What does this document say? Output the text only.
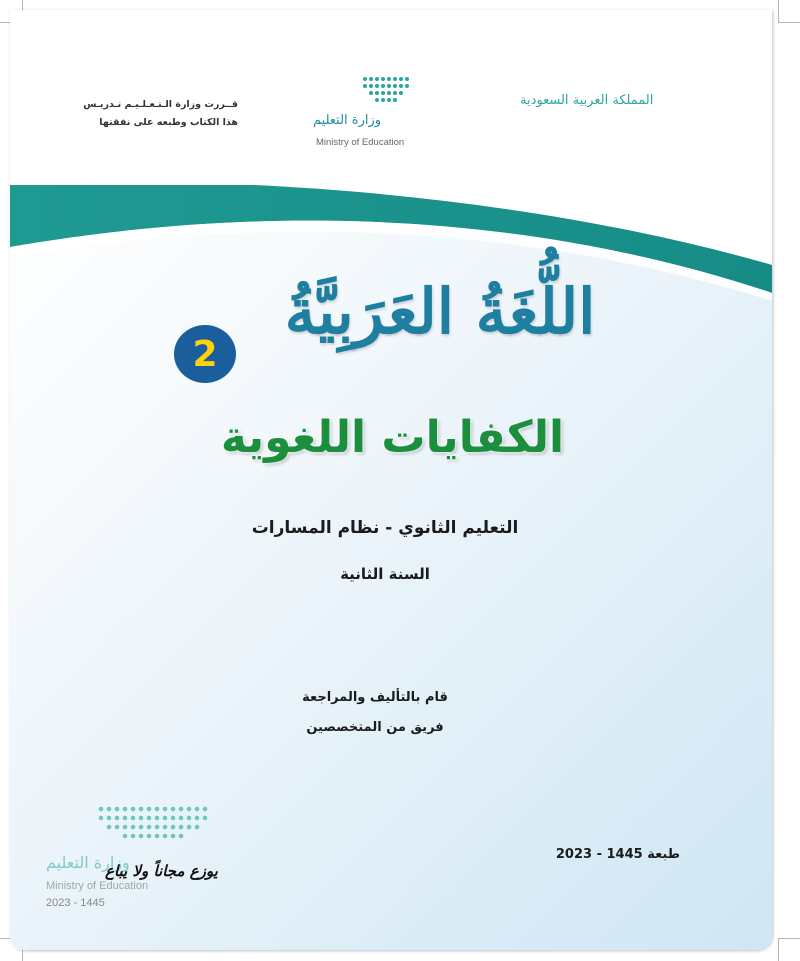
المملكة العربية السعودية
قــررت وزارة الـتـعـلـيـم تـدريـس
هذا الكتاب وطبعه على نفقتها	وزارة التعليم
Ministry of Education
اللُّغَةُ العَرَبِيَّةُ
2
الكفايات اللغوية
التعليم الثانوي - نظام المسارات
السنة الثانية
قام بالتأليف والمراجعة
فريق من المتخصصين
طبعة 1445 - 2023
وزارة التعليم
Ministry of Education
2023 - 1445
يوزع مجاناً ولا يباع
